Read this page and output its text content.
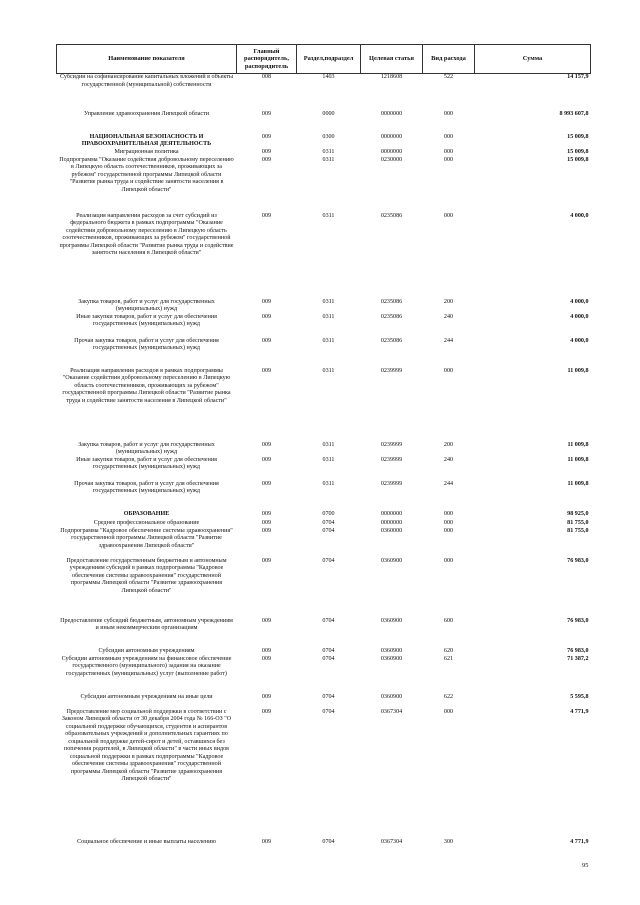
Наименование показателя	Главный распорядитель, распорядитель	Раздел,подраздел	Целевая статья	Вид расхода	Сумма
Субсидии на софинансирование капитальных вложений в объекты государственной (муниципальной) собственности	008	1403	1218608	522	14 157,9
Управление здравоохранения Липецкой области	009	0000	0000000	000	8 993 607,8
НАЦИОНАЛЬНАЯ БЕЗОПАСНОСТЬ И ПРАВООХРАНИТЕЛЬНАЯ ДЕЯТЕЛЬНОСТЬ	009	0300	0000000	000	15 009,8
Миграционная политика	009	0311	0000000	000	15 009,8
Подпрограмма "Оказание содействия добровольному переселению в Липецкую область соотечественников, проживающих за рубежом" государственной программы Липецкой области "Развитие рынка труда и содействие занятости населения в Липецкой области"	009	0311	0230000	000	15 009,8
Реализация направления расходов за счет субсидий из федерального бюджета в рамках подпрограммы "Оказание содействия добровольному переселению в Липецкую область соотечественников, проживающих за рубежом" государственной программы Липецкой области "Развитие рынка труда и содействие занятости населения в Липецкой области"	009	0311	0235086	000	4 000,0
Закупка товаров, работ и услуг для государственных (муниципальных) нужд	009	0311	0235086	200	4 000,0
Иные закупки товаров, работ и услуг для обеспечения государственных (муниципальных) нужд	009	0311	0235086	240	4 000,0
Прочая закупка товаров, работ и услуг для обеспечения государственных (муниципальных) нужд	009	0311	0235086	244	4 000,0
Реализация направления расходов в рамках подпрограммы "Оказание содействия добровольному переселению в Липецкую область соотечественников, проживающих за рубежом" государственной программы Липецкой области "Развитие рынка труда и содействие занятости населения в Липецкой области"	009	0311	0239999	000	11 009,8
Закупка товаров, работ и услуг для государственных (муниципальных) нужд	009	0311	0239999	200	11 009,8
Иные закупки товаров, работ и услуг для обеспечения государственных (муниципальных) нужд	009	0311	0239999	240	11 009,8
Прочая закупка товаров, работ и услуг для обеспечения государственных (муниципальных) нужд	009	0311	0239999	244	11 009,8
ОБРАЗОВАНИЕ	009	0700	0000000	000	98 925,0
Среднее профессиональное образование	009	0704	0000000	000	81 755,0
Подпрограмма "Кадровое обеспечение системы здравоохранения" государственной программы Липецкой области "Развитие здравоохранения Липецкой области"	009	0704	0360000	000	81 755,0
Предоставление государственным бюджетным и автономным учреждениям субсидий в рамках подпрограммы "Кадровое обеспечение системы здравоохранения" государственной программы Липецкой области "Развитие здравоохранения Липецкой области"	009	0704	0360900	000	76 983,0
Предоставление субсидий бюджетным, автономным учреждениям и иным некоммерческим организациям	009	0704	0360900	600	76 983,0
Субсидии автономным учреждениям	009	0704	0360900	620	76 983,0
Субсидии автономным учреждениям на финансовое обеспечение государственного (муниципального) задания на оказание государственных (муниципальных) услуг (выполнение работ)	009	0704	0360900	621	71 387,2
Субсидии автономным учреждениям на иные цели	009	0704	0360900	622	5 595,8
Предоставление мер социальной поддержки в соответствии с Законом Липецкой области от 30 декабря 2004 года № 166-ОЗ "О социальной поддержке обучающихся, студентов и аспирантов образовательных учреждений и дополнительных гарантиях по социальной поддержке детей-сирот и детей, оставшихся без попечения родителей, в Липецкой области" в части иных видов социальной поддержки в рамках подпрограммы "Кадровое обеспечение системы здравоохранения" государственной программы Липецкой области "Развитие здравоохранения Липецкой области"	009	0704	0367304	000	4 771,9
Социальное обеспечение и иные выплаты населению	009	0704	0367304	300	4 771,9
95
